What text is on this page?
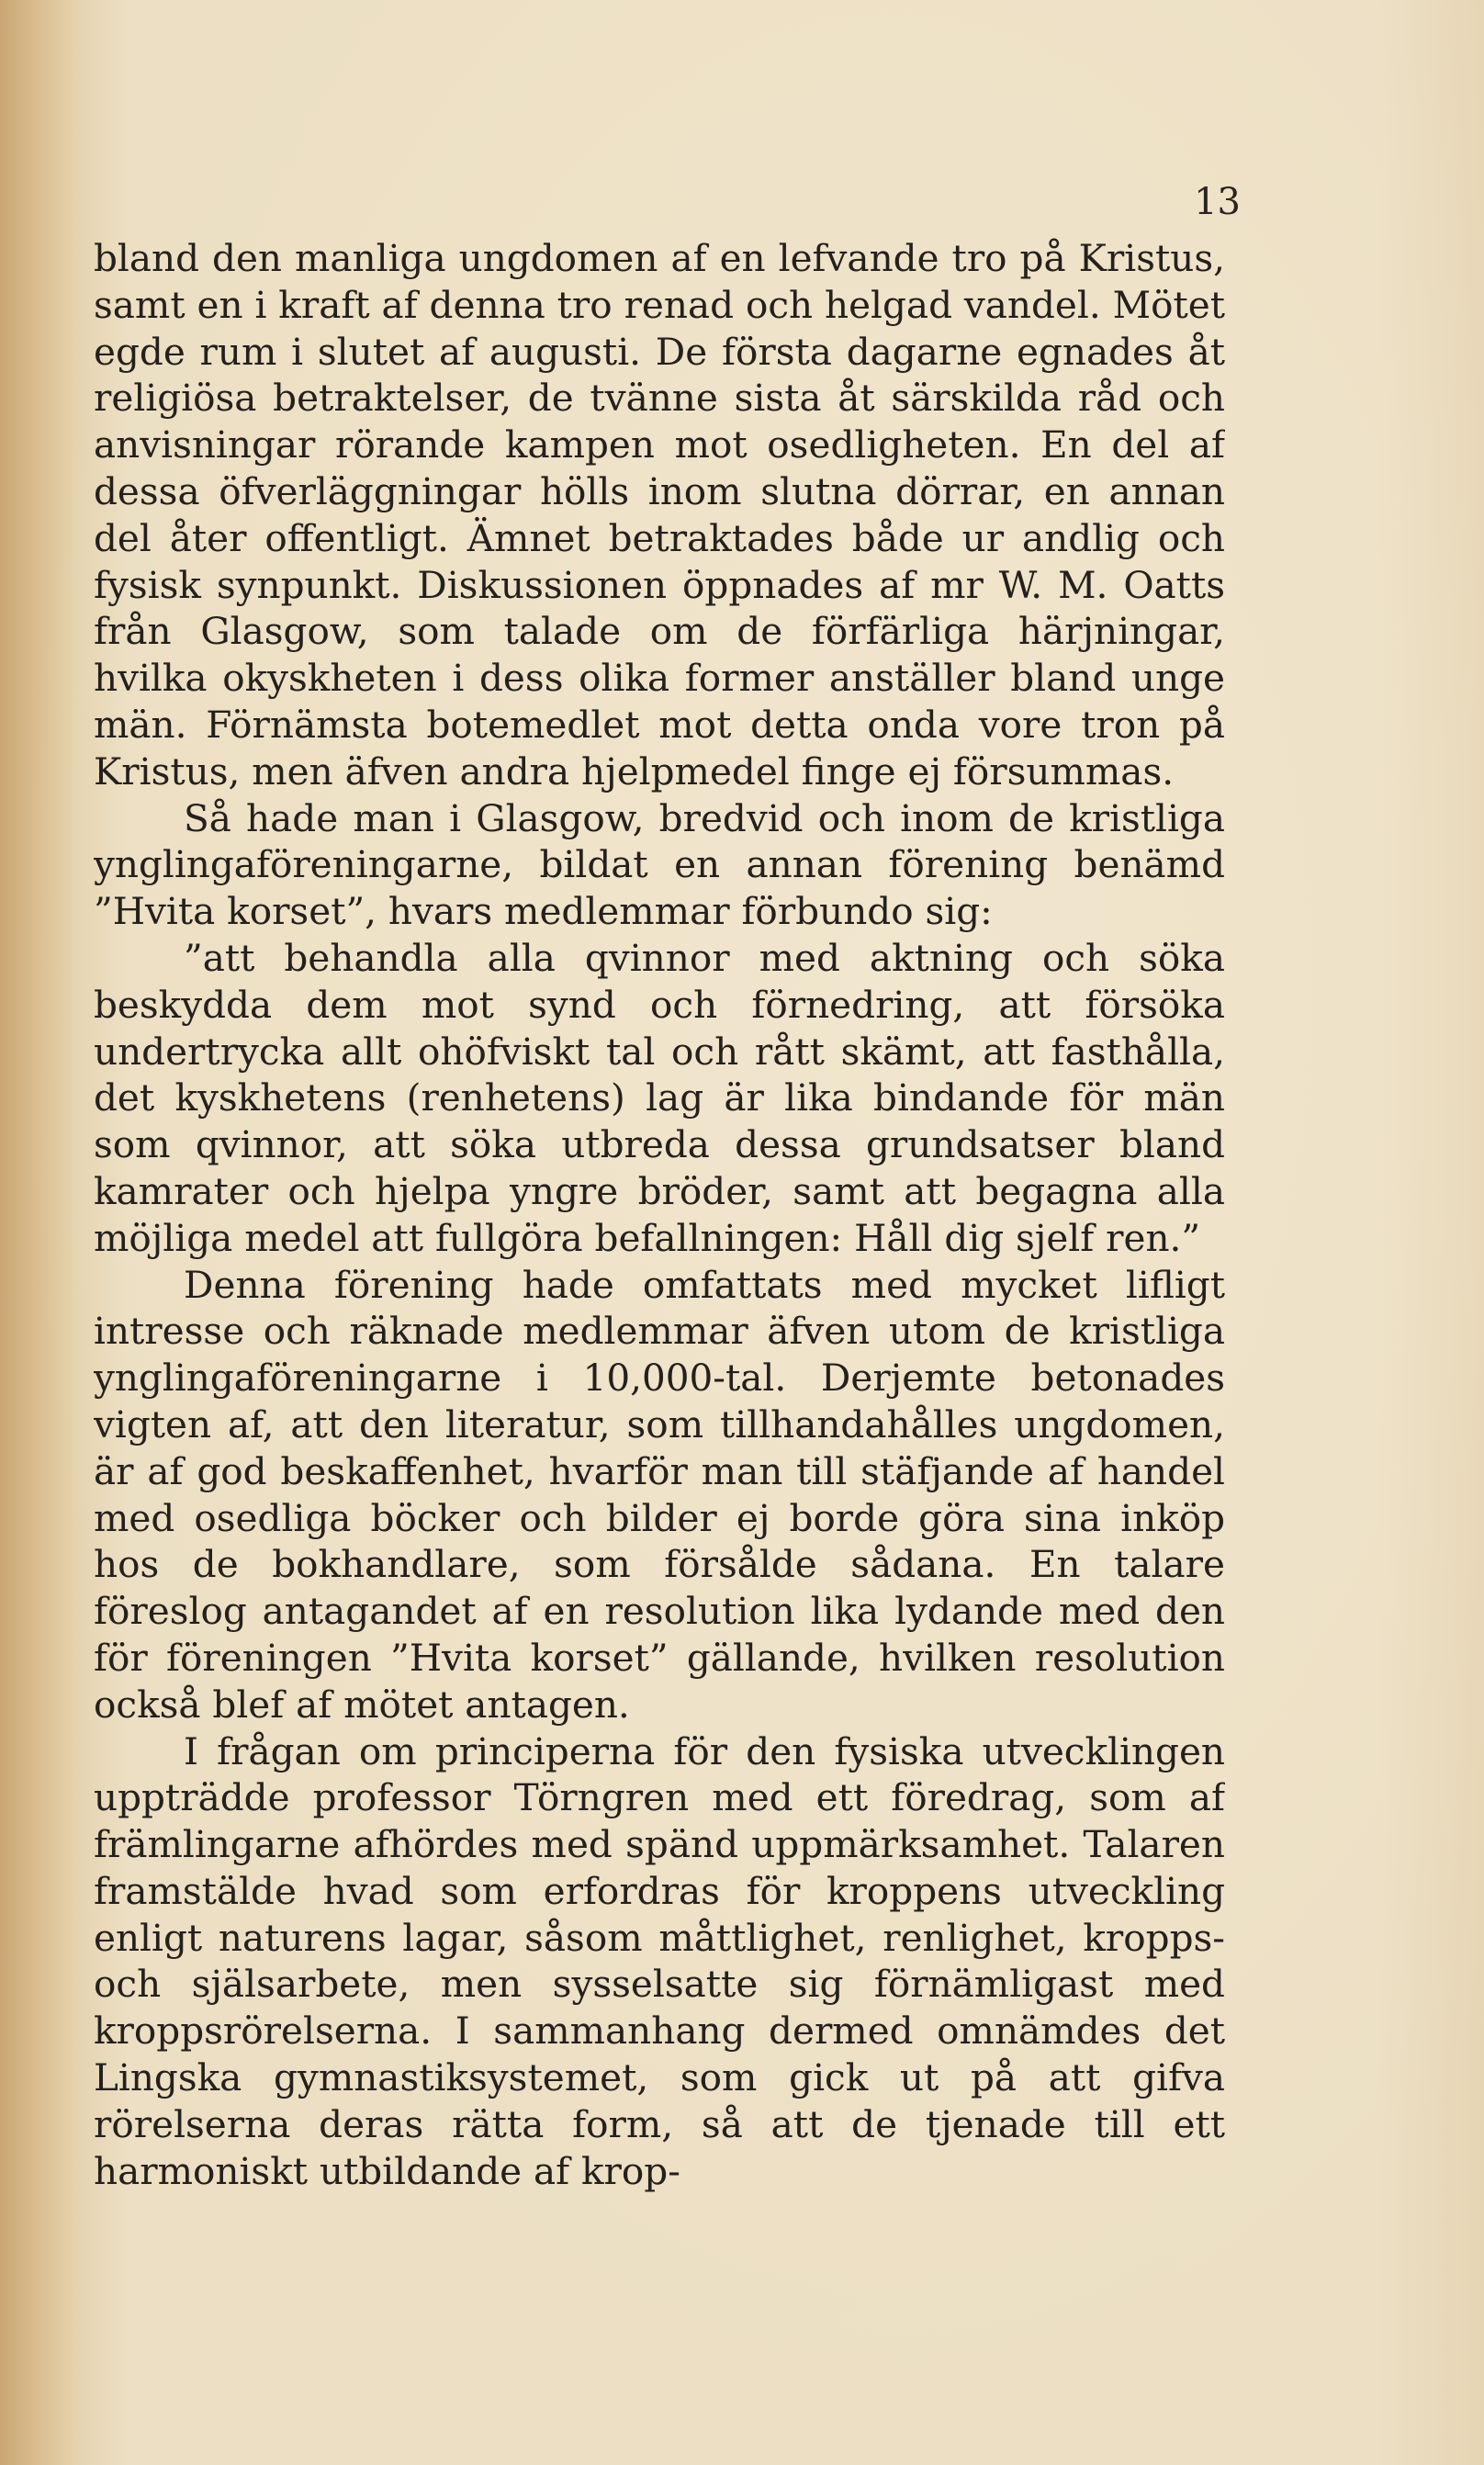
13

bland den manliga ungdomen af en lefvande tro på Kristus, samt en i kraft af denna tro renad och helgad vandel. Mötet egde rum i slutet af augusti. De första dagarne egnades åt religiösa betraktelser, de tvänne sista åt särskilda råd och anvisningar rörande kampen mot osedligheten. En del af dessa öfverläggningar hölls inom slutna dörrar, en annan del åter offentligt. Ämnet betraktades både ur andlig och fysisk synpunkt. Diskussionen öppnades af mr W. M. Oatts från Glasgow, som talade om de förfärliga härjningar, hvilka okyskheten i dess olika former anställer bland unge män. Förnämsta botemedlet mot detta onda vore tron på Kristus, men äfven andra hjelpmedel finge ej försummas.

Så hade man i Glasgow, bredvid och inom de kristliga ynglingaföreningarne, bildat en annan förening benämd ”Hvita korset”, hvars medlemmar förbundo sig:

”att behandla alla qvinnor med aktning och söka beskydda dem mot synd och förnedring, att försöka undertrycka allt ohöfviskt tal och rått skämt, att fasthålla, det kyskhetens (renhetens) lag är lika bindande för män som qvinnor, att söka utbreda dessa grundsatser bland kamrater och hjelpa yngre bröder, samt att begagna alla möjliga medel att fullgöra befallningen: Håll dig sjelf ren.”

Denna förening hade omfattats med mycket lifligt intresse och räknade medlemmar äfven utom de kristliga ynglingaföreningarne i 10,000-tal. Derjemte betonades vigten af, att den literatur, som tillhandahålles ungdomen, är af god beskaffenhet, hvarför man till stäfjande af handel med osedliga böcker och bilder ej borde göra sina inköp hos de bokhandlare, som försålde sådana. En talare föreslog antagandet af en resolution lika lydande med den för föreningen ”Hvita korset” gällande, hvilken resolution också blef af mötet antagen.

I frågan om principerna för den fysiska utvecklingen uppträdde professor Törngren med ett föredrag, som af främlingarne afhördes med spänd uppmärksamhet. Talaren framstälde hvad som erfordras för kroppens utveckling enligt naturens lagar, såsom måttlighet, renlighet, kropps- och själsarbete, men sysselsatte sig förnämligast med kroppsrörelserna. I sammanhang dermed omnämdes det Lingska gymnastiksystemet, som gick ut på att gifva rörelserna deras rätta form, så att de tjenade till ett harmoniskt utbildande af krop-
